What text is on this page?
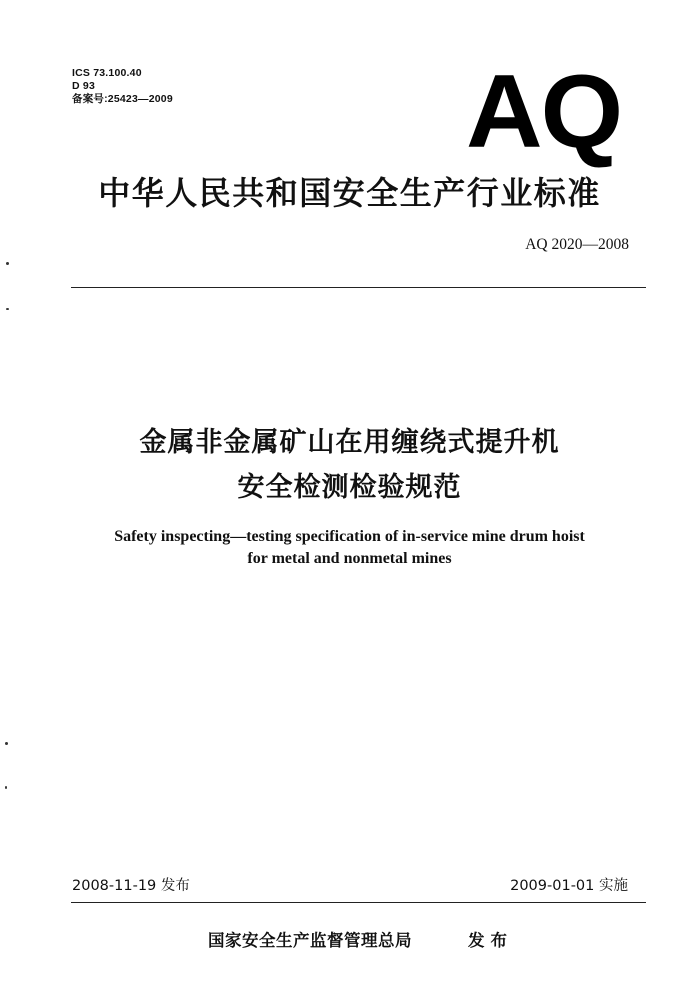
ICS 73.100.40
D 93
备案号:25423—2009	AQ
中华人民共和国安全生产行业标准
AQ 2020—2008
金属非金属矿山在用缠绕式提升机
安全检测检验规范
Safety inspecting—testing specification of in-service mine drum hoist
for metal and nonmetal mines
2008-11-19 发布	2009-01-01 实施
国家安全生产监督管理总局	发布
